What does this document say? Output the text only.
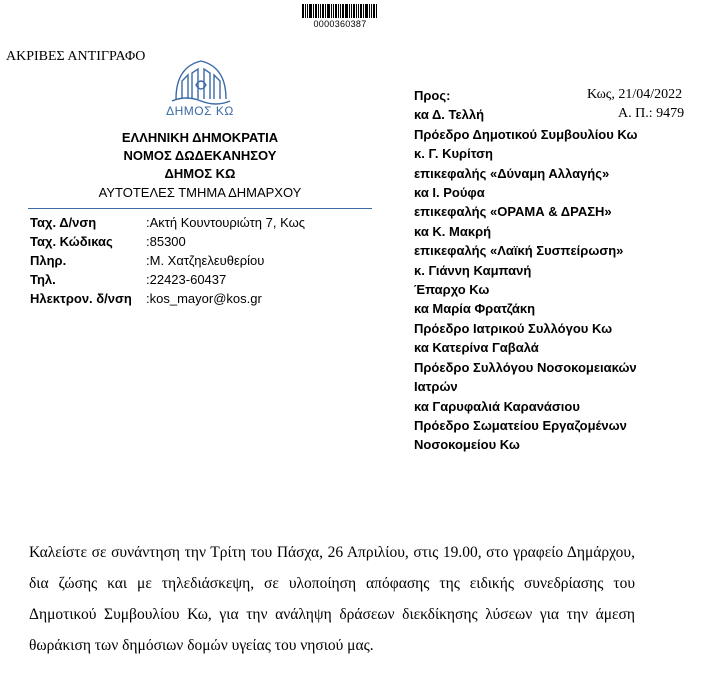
0000360387
ΑΚΡΙΒΕΣ ΑΝΤΙΓΡΑΦΟ
ΔΗΜΟΣ ΚΩ
ΕΛΛΗΝΙΚΗ ΔΗΜΟΚΡΑΤΙΑ
ΝΟΜΟΣ ΔΩΔΕΚΑΝΗΣΟΥ
ΔΗΜΟΣ ΚΩ
ΑΥΤΟΤΕΛΕΣ ΤΜΗΜΑ ΔΗΜΑΡΧΟΥ
Ταχ. Δ/νση	:Ακτή Κουντουριώτη 7, Κως
Ταχ. Κώδικας	:85300
Πληρ.	:Μ. Χατζηελευθερίου
Τηλ.	:22423-60437
Ηλεκτρον. δ/νση :kos_mayor@kos.gr
Κως, 21/04/2022
Α. Π.: 9479
Προς:
κα Δ. Τελλή
Πρόεδρο Δημοτικού Συμβουλίου Κω
κ. Γ. Κυρίτση
επικεφαλής «Δύναμη Αλλαγής»
κα Ι. Ρούφα
επικεφαλής «ΟΡΑΜΑ & ΔΡΑΣΗ»
κα Κ. Μακρή
επικεφαλής «Λαϊκή Συσπείρωση»
κ. Γιάννη Καμπανή
Έπαρχο Κω
κα Μαρία Φρατζάκη
Πρόεδρο Ιατρικού Συλλόγου Κω
κα Κατερίνα Γαβαλά
Πρόεδρο Συλλόγου Νοσοκομειακών
Ιατρών
κα Γαρυφαλιά Καρανάσιου
Πρόεδρο Σωματείου Εργαζομένων
Νοσοκομείου Κω
Καλείστε σε συνάντηση την Τρίτη του Πάσχα, 26 Απριλίου, στις 19.00, στο γραφείο Δημάρχου, δια ζώσης και με τηλεδιάσκεψη, σε υλοποίηση απόφασης της ειδικής συνεδρίασης του Δημοτικού Συμβουλίου Κω, για την ανάληψη δράσεων διεκδίκησης λύσεων για την άμεση θωράκιση των δημόσιων δομών υγείας του νησιού μας.
